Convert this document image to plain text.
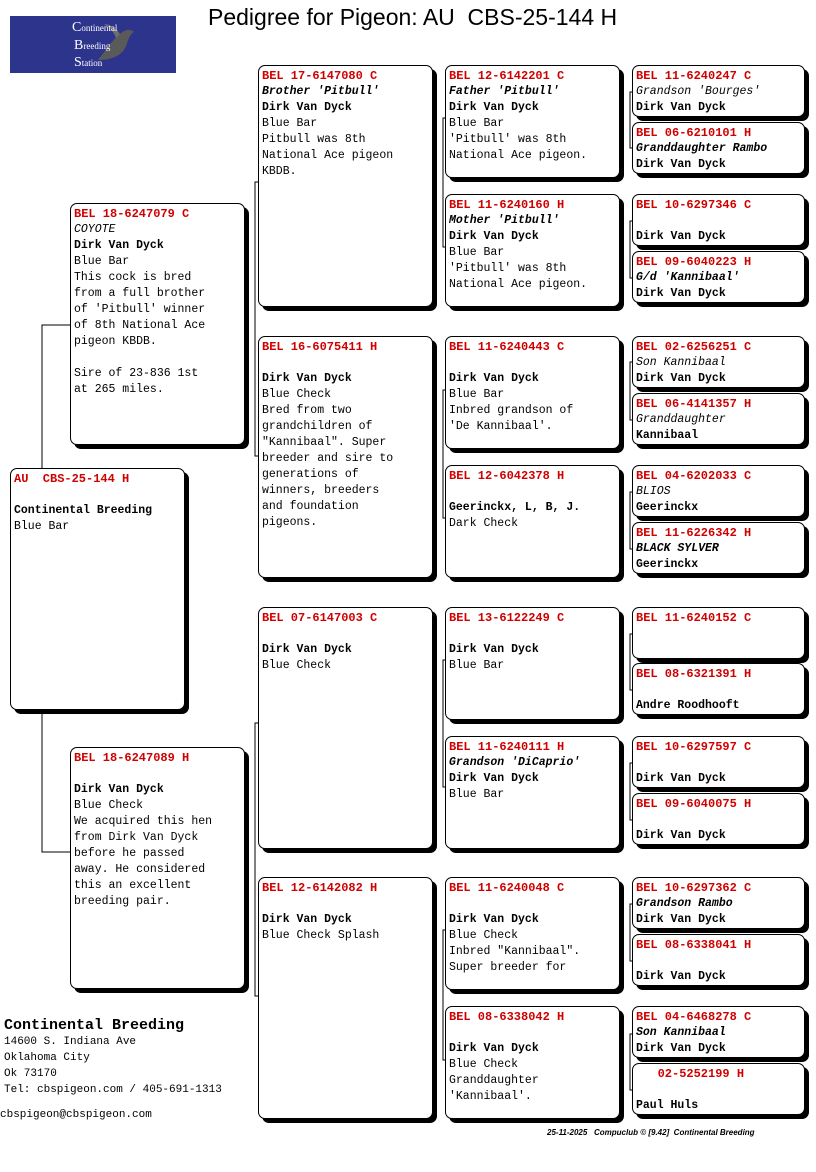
Continental
Breeding
Station
Pedigree for Pigeon: AU  CBS-25-144 H
AU  CBS-25-144 H
Continental Breeding
Blue Bar
BEL 18-6247079 C
COYOTE
Dirk Van Dyck
Blue Bar
This cock is bred
from a full brother
of 'Pitbull' winner
of 8th National Ace
pigeon KBDB.
Sire of 23-836 1st
at 265 miles.
BEL 18-6247089 H
Dirk Van Dyck
Blue Check
We acquired this hen
from Dirk Van Dyck
before he passed
away. He considered
this an excellent
breeding pair.
BEL 17-6147080 C
Brother 'Pitbull'
Dirk Van Dyck
Blue Bar
Pitbull was 8th
National Ace pigeon
KBDB.
BEL 16-6075411 H
Dirk Van Dyck
Blue Check
Bred from two
grandchildren of
"Kannibaal". Super
breeder and sire to
generations of
winners, breeders
and foundation
pigeons.
BEL 07-6147003 C
Dirk Van Dyck
Blue Check
BEL 12-6142082 H
Dirk Van Dyck
Blue Check Splash
BEL 12-6142201 C
Father 'Pitbull'
Dirk Van Dyck
Blue Bar
'Pitbull' was 8th
National Ace pigeon.
BEL 11-6240160 H
Mother 'Pitbull'
Dirk Van Dyck
Blue Bar
'Pitbull' was 8th
National Ace pigeon.
BEL 11-6240443 C
Dirk Van Dyck
Blue Bar
Inbred grandson of
'De Kannibaal'.
BEL 12-6042378 H
Geerinckx, L, B, J.
Dark Check
BEL 13-6122249 C
Dirk Van Dyck
Blue Bar
BEL 11-6240111 H
Grandson 'DiCaprio'
Dirk Van Dyck
Blue Bar
BEL 11-6240048 C
Dirk Van Dyck
Blue Check
Inbred "Kannibaal".
Super breeder for
BEL 08-6338042 H
Dirk Van Dyck
Blue Check
Granddaughter
'Kannibaal'.
BEL 11-6240247 C
Grandson 'Bourges'
Dirk Van Dyck
BEL 06-6210101 H
Granddaughter Rambo
Dirk Van Dyck
BEL 10-6297346 C
Dirk Van Dyck
BEL 09-6040223 H
G/d 'Kannibaal'
Dirk Van Dyck
BEL 02-6256251 C
Son Kannibaal
Dirk Van Dyck
BEL 06-4141357 H
Granddaughter
Kannibaal
BEL 04-6202033 C
BLIOS
Geerinckx
BEL 11-6226342 H
BLACK SYLVER
Geerinckx
BEL 11-6240152 C
BEL 08-6321391 H
Andre Roodhooft
BEL 10-6297597 C
Dirk Van Dyck
BEL 09-6040075 H
Dirk Van Dyck
BEL 10-6297362 C
Grandson Rambo
Dirk Van Dyck
BEL 08-6338041 H
Dirk Van Dyck
BEL 04-6468278 C
Son Kannibaal
Dirk Van Dyck
02-5252199 H
Paul Huls
Continental Breeding
14600 S. Indiana Ave
Oklahoma City
Ok 73170
Tel: cbspigeon.com / 405-691-1313
cbspigeon@cbspigeon.com
25-11-2025   Compuclub © [9.42]  Continental Breeding
